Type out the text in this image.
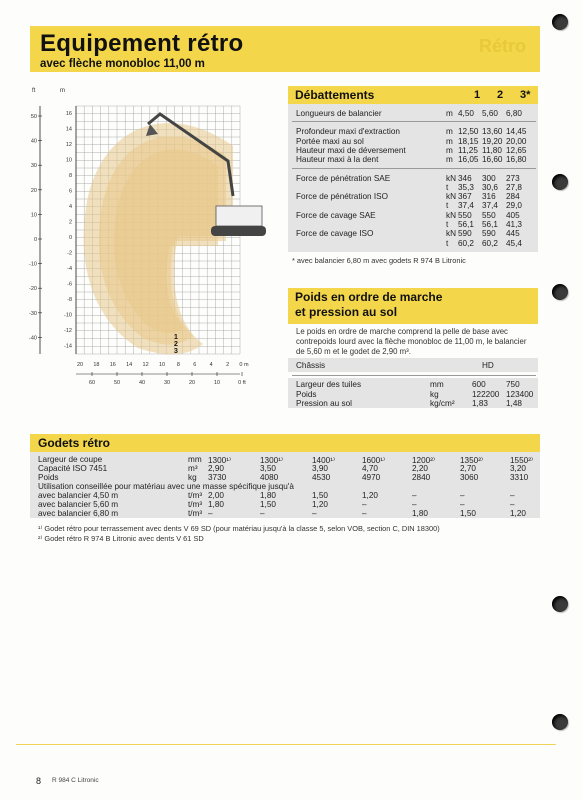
Rétro
Equipement rétro
avec flèche monobloc 11,00 m
ft	m
16
14
12
10
8
6
4
2
0
-2
-4
-6
-8
-10
-12
-14
50
40
30
20
10
0
-10
-20
-30
-40
20 18 16 14 12 10 8 6 4 2 0 m
60	50	40	30	20	10	0 ft
1
2
3
Débattements	1 2 3*
Longueurs de balancier	m 4,50 5,60 6,80
Profondeur maxi d'extraction	m 12,50 13,60 14,45
Portée maxi au sol	m 18,15 19,20 20,00
Hauteur maxi de déversement	m 11,25 11,80 12,65
Hauteur maxi à la dent	m 16,05 16,60 16,80
Force de pénétration SAE	kN 346 300 273
t 35,3 30,6 27,8
Force de pénétration ISO	kN 367 316 284
t 37,4 37,4 29,0
Force de cavage SAE	kN 550 550 405
t 56,1 56,1 41,3
Force de cavage ISO	kN 590 590 445
t 60,2 60,2 45,4
* avec balancier 6,80 m avec godets R 974 B Litronic
Poids en ordre de marche
et pression au sol
Le poids en ordre de marche comprend la pelle de base avec contrepoids lourd avec la flèche monobloc de 11,00 m, le balancier de 5,60 m et le godet de 2,90 m³.
Châssis	HD
Largeur des tuiles	mm	600 750
Poids	kg	122200 123400
Pression au sol	kg/cm² 1,83 1,48
Godets rétro
Largeur de coupe	mm 1300¹⁾	1300¹⁾	1400¹⁾	1600¹⁾	1200²⁾	1350²⁾	1550²⁾
Capacité ISO 7451	m³ 2,90	3,50	3,90	4,70	2,20	2,70	3,20
Poids	kg 3730	4080	4530	4970	2840	3060	3310
Utilisation conseillée pour matériau avec une masse spécifique jusqu'à
avec balancier 4,50 m	t/m³ 2,00	1,80	1,50	1,20	–	–	–
avec balancier 5,60 m	t/m³ 1,80	1,50	1,20	–	–	–	–
avec balancier 6,80 m	t/m³ –	–	–	–	1,80	1,50	1,20
¹⁾ Godet rétro pour terrassement avec dents V 69 SD (pour matériau jusqu'à la classe 5, selon VOB, section C, DIN 18300)
²⁾ Godet rétro R 974 B Litronic avec dents V 61 SD
8 R 984 C Litronic
